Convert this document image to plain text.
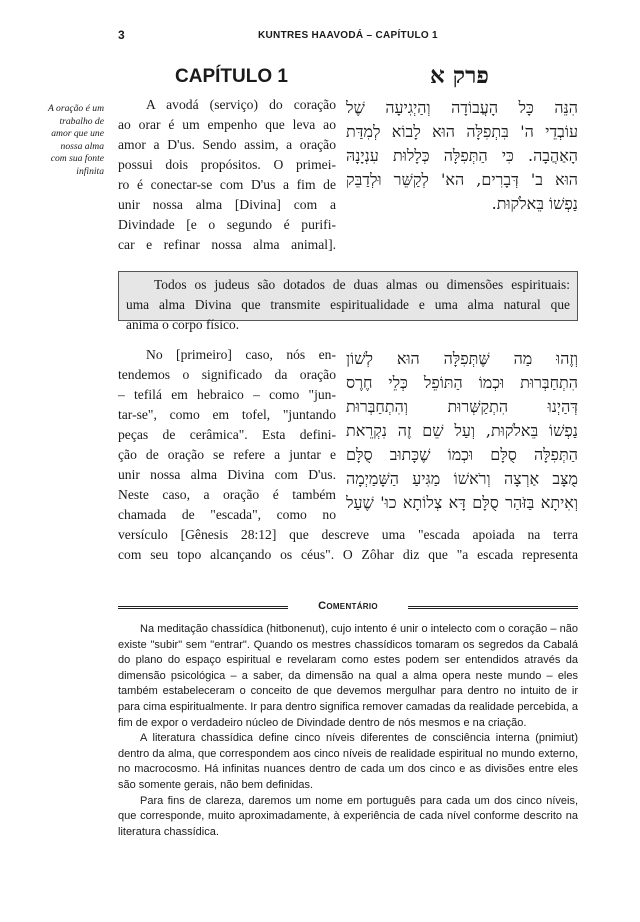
3	KUNTRES HAAVODÁ – CAPÍTULO 1
CAPÍTULO 1	פרק א
A oração é um
trabalho de
amor que une
nossa alma
com sua fonte
infinita

A avodá (serviço) do coração

ao orar é um empenho que leva ao

amor a D'us. Sendo assim, a oração

possui dois propósitos. O primei-

ro é conectar-se com D'us a fim de

unir nossa alma [Divina] com a

Divindade [e o segundo é purifi-

car e refinar nossa alma animal].

הִנֵּה כָּל הָעֲבוֹדָה וְהַיְגִיעָה שֶׁל

עוֹבְדֵי ה' בִּתְפִלָּה הוּא לָבוֹא לְמִדַּת

הָאַהֲבָה. כִּי הַתְּפִלָּה כְּלָלוּת עִנְיָנָהּ

הוּא ב' דְּבָרִים, הא' לְקַשֵּׁר וּלְדַבֵּק

נַפְשׁוֹ בֵּאלֹקוּת.

Todos os judeus são dotados de duas almas ou dimensões espirituais:
uma alma Divina que transmite espiritualidade e uma alma natural que
anima o corpo físico.

No [primeiro] caso, nós en-

tendemos o significado da oração

– tefilá em hebraico – como "jun-

tar-se", como em tofel, "juntando

peças de cerâmica". Esta defini-

ção de oração se refere a juntar e

unir nossa alma Divina com D'us.

Neste caso, a oração é também

chamada de "escada", como no

וְזֶהוּ מַה שֶּׁתְּפִלָּה הוּא לְשׁוֹן

הִתְחַבְּרוּת וּכְמוֹ הַתּוֹפֵל כְּלֵי חֶרֶס

דְּהַיְנוּ הִתְקַשְּׁרוּת וְהִתְחַבְּרוּת

נַפְשׁוֹ בֵּאלֹקוּת, וְעַל שֵׁם זֶה נִקְרֵאת

הַתְּפִלָּה סֻלָּם וּכְמוֹ שֶׁכָּתוּב סֻלָּם

מֻצָּב אַרְצָה וְרֹאשׁוֹ מַגִּיעַ הַשָּׁמַיְמָה

וְאִיתָא בַּזֹּהַר סֻלָּם דָּא צְלוֹתָא כוּ' שֶׁעַל

versículo [Gênesis 28:12] que descreve uma "escada apoiada na terra

com seu topo alcançando os céus". O Zôhar diz que "a escada representa

Comentário

Na meditação chassídica (hitbonenut), cujo intento é unir o intelecto com o coração – não existe "subir" sem "entrar". Quando os mestres chassídicos tomaram os segredos da Cabalá do plano do espaço espiritual e revelaram como estes podem ser entendidos através da dimensão psicológica – a saber, da dimensão na qual a alma opera neste mundo – eles também estabeleceram o conceito de que devemos mergulhar para dentro no intuito de ir para cima espiritualmente. Ir para dentro significa remover camadas da realidade percebida, a fim de expor o verdadeiro núcleo de Divindade dentro de nós mesmos e na criação.

A literatura chassídica define cinco níveis diferentes de consciência interna (pnimiut) dentro da alma, que correspondem aos cinco níveis de realidade espiritual no mundo externo, no macrocosmo. Há infinitas nuances dentro de cada um dos cinco e as divisões entre eles são somente gerais, não bem definidas.

Para fins de clareza, daremos um nome em português para cada um dos cinco níveis, que corresponde, muito aproximadamente, à experiência de cada nível conforme descrito na literatura chassídica.
